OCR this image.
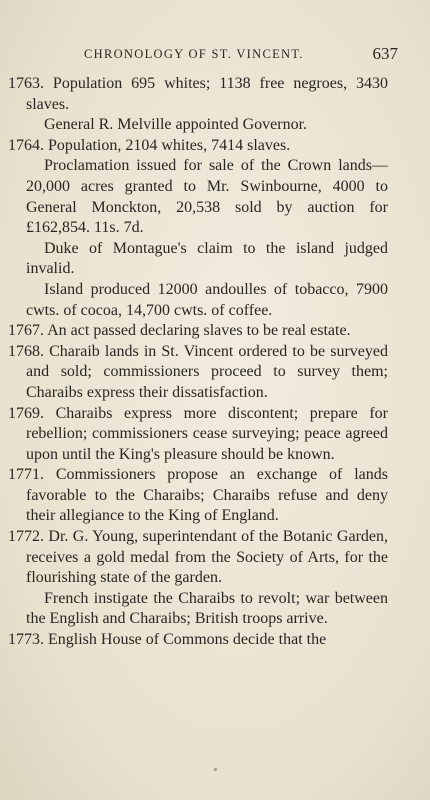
CHRONOLOGY OF ST. VINCENT.	637

1763. Population 695 whites; 1138 free negroes, 3430 slaves.

General R. Melville appointed Governor.

1764. Population, 2104 whites, 7414 slaves.

Proclamation issued for sale of the Crown lands—20,000 acres granted to Mr. Swinbourne, 4000 to General Monckton, 20,538 sold by auction for £162,854. 11s. 7d.

Duke of Montague's claim to the island judged invalid.

Island produced 12000 andoulles of tobacco, 7900 cwts. of cocoa, 14,700 cwts. of coffee.

1767. An act passed declaring slaves to be real estate.

1768. Charaib lands in St. Vincent ordered to be surveyed and sold; commissioners proceed to survey them; Charaibs express their dissatisfaction.

1769. Charaibs express more discontent; prepare for rebellion; commissioners cease surveying; peace agreed upon until the King's pleasure should be known.

1771. Commissioners propose an exchange of lands favorable to the Charaibs; Charaibs refuse and deny their allegiance to the King of England.

1772. Dr. G. Young, superintendant of the Botanic Garden, receives a gold medal from the Society of Arts, for the flourishing state of the garden.

French instigate the Charaibs to revolt; war between the English and Charaibs; British troops arrive.

1773. English House of Commons decide that the
